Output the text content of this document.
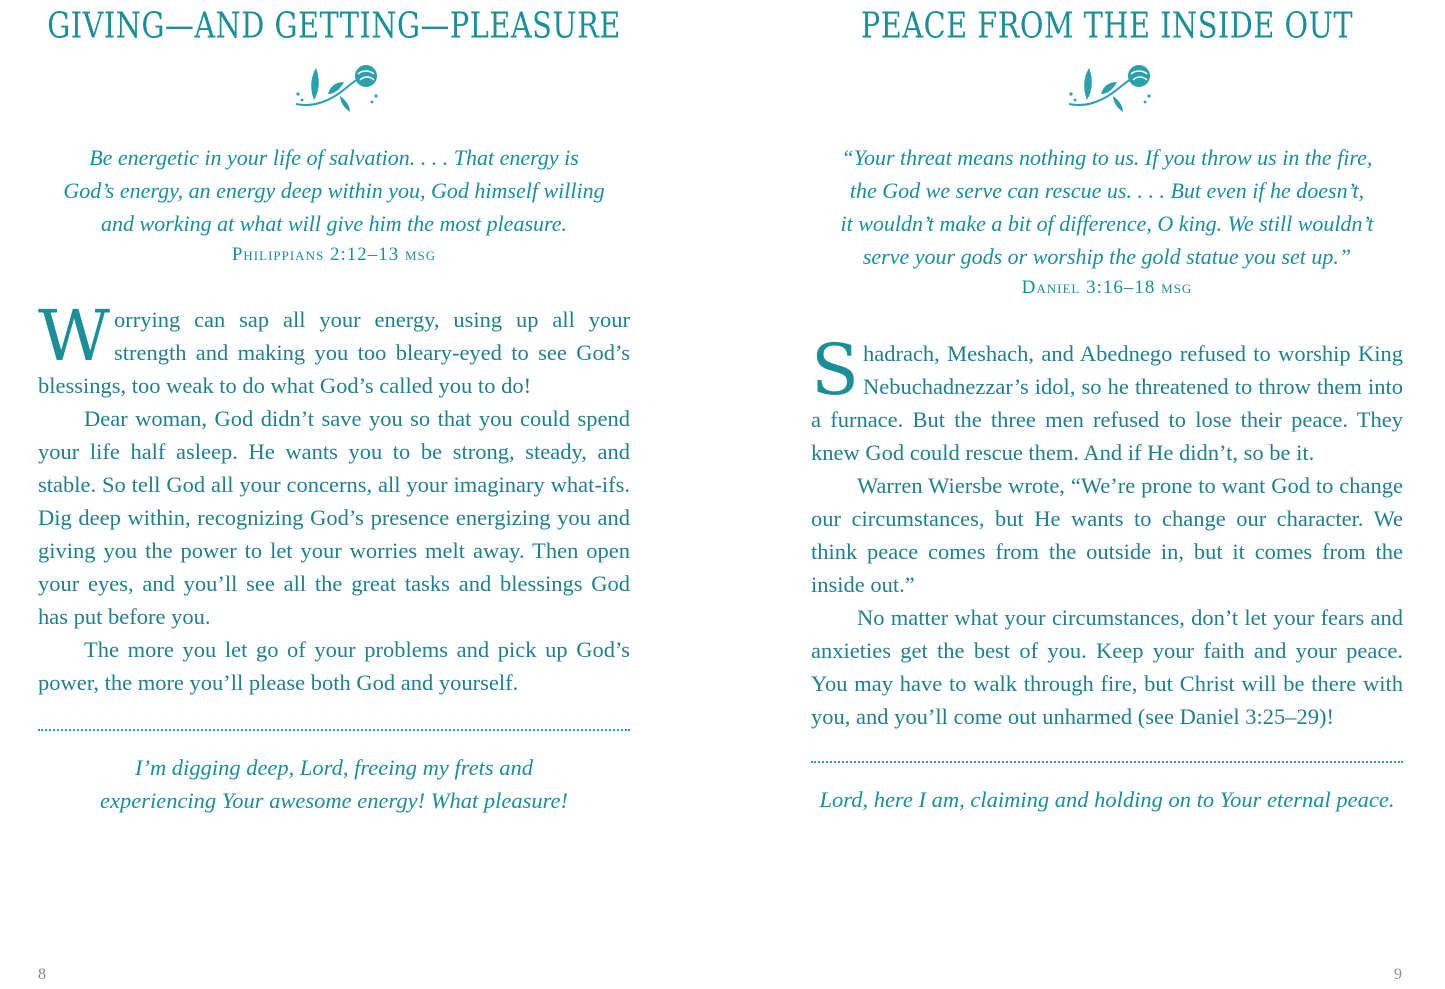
GIVING—AND GETTING—PLEASURE
Be energetic in your life of salvation. . . . That energy is
God’s energy, an energy deep within you, God himself willing
and working at what will give him the most pleasure.
Philippians 2:12–13 msg

Worrying can sap all your energy, using up all your strength and making you too bleary-eyed to see God’s blessings, too weak to do what God’s called you to do!

Dear woman, God didn’t save you so that you could spend your life half asleep. He wants you to be strong, steady, and stable. So tell God all your concerns, all your imaginary what-ifs. Dig deep within, recognizing God’s presence energizing you and giving you the power to let your worries melt away. Then open your eyes, and you’ll see all the great tasks and blessings God has put before you.

The more you let go of your problems and pick up God’s power, the more you’ll please both God and yourself.

I’m digging deep, Lord, freeing my frets and
experiencing Your awesome energy! What pleasure!
8
PEACE FROM THE INSIDE OUT
“Your threat means nothing to us. If you throw us in the fire,
the God we serve can rescue us. . . . But even if he doesn’t,
it wouldn’t make a bit of difference, O king. We still wouldn’t
serve your gods or worship the gold statue you set up.”
Daniel 3:16–18 msg

Shadrach, Meshach, and Abednego refused to worship King Nebuchadnezzar’s idol, so he threatened to throw them into a furnace. But the three men refused to lose their peace. They knew God could rescue them. And if He didn’t, so be it.

Warren Wiersbe wrote, “We’re prone to want God to change our circumstances, but He wants to change our character. We think peace comes from the outside in, but it comes from the inside out.”

No matter what your circumstances, don’t let your fears and anxieties get the best of you. Keep your faith and your peace. You may have to walk through fire, but Christ will be there with you, and you’ll come out unharmed (see Daniel 3:25–29)!

Lord, here I am, claiming and holding on to Your eternal peace.
9
